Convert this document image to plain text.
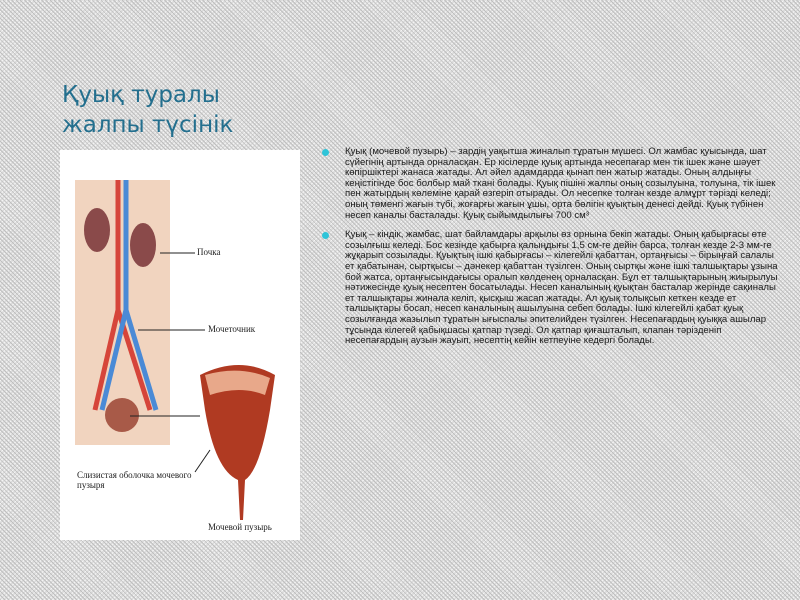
Қуық туралы
жалпы түсінік
Почка
Мочеточник
Слизистая оболочка мочевого пузыря
Мочевой пузырь
Қуық (мочевой пузырь) – зардің уақытша жиналып тұратын мүшесі. Ол жамбас қуысында, шат сүйегінің артында орналасқан. Ер кісілерде қуық артында несепағар мен тік ішек және шәует көпіршіктері жанаса жатады. Ал әйел адамдарда қынап пен жатыр жатады. Оның алдыңғы кеңістігінде бос болбыр май ткані болады. Қуық пішіні жалпы оның созылуына, толуына, тік ішек пен жатырдың көлеміне қарай өзгеріп отырады. Ол несепке толған кезде алмұрт тәрізді келеді; оның төменгі жағын түбі, жоғарғы жағын ұшы, орта бөлігін қуықтың денесі дейді. Қуық түбінен несеп каналы басталады. Қуық сыйымдылығы 700 см³
Қуық – кіндік, жамбас, шат байламдары арқылы өз орнына бекіп жатады. Оның қабырғасы өте созылғыш келеді. Бос кезінде қабырға қалыңдығы 1,5 см-ге дейін барса, толған кезде 2-3 мм-ге жұқарып созылады. Қуықтың ішкі қабырғасы – кілегейлі қабаттан, ортаңғысы – бірыңғай салалы ет қабатынан, сыртқысы – дәнекер қабаттан түзілген. Оның сыртқы және ішкі талшықтары ұзына бой жатса, ортаңғысындағысы оралып көлденең орналасқан. Бұл ет талшықтарының жиырылуы нәтижесінде қуық несептен босатылады. Несеп каналының қуықтан басталар жерінде сақиналы ет талшықтары жинала келіп, қысқыш жасап жатады. Ал қуық толықсып кеткен кезде ет талшықтары босап, несеп каналының ашылуына себеп болады. Ішкі кілегейлі қабат қуық созылғанда жазылып тұратын ығыспалы эпителийден түзілген. Несепағардың қуыққа ашылар тұсында кілегей қабықшасы қатпар түзеді. Ол қатпар қиғашталып, клапан тәрізденіп несепағардың аузын жауып, несептің кейін кетпеуіне кедергі болады.
